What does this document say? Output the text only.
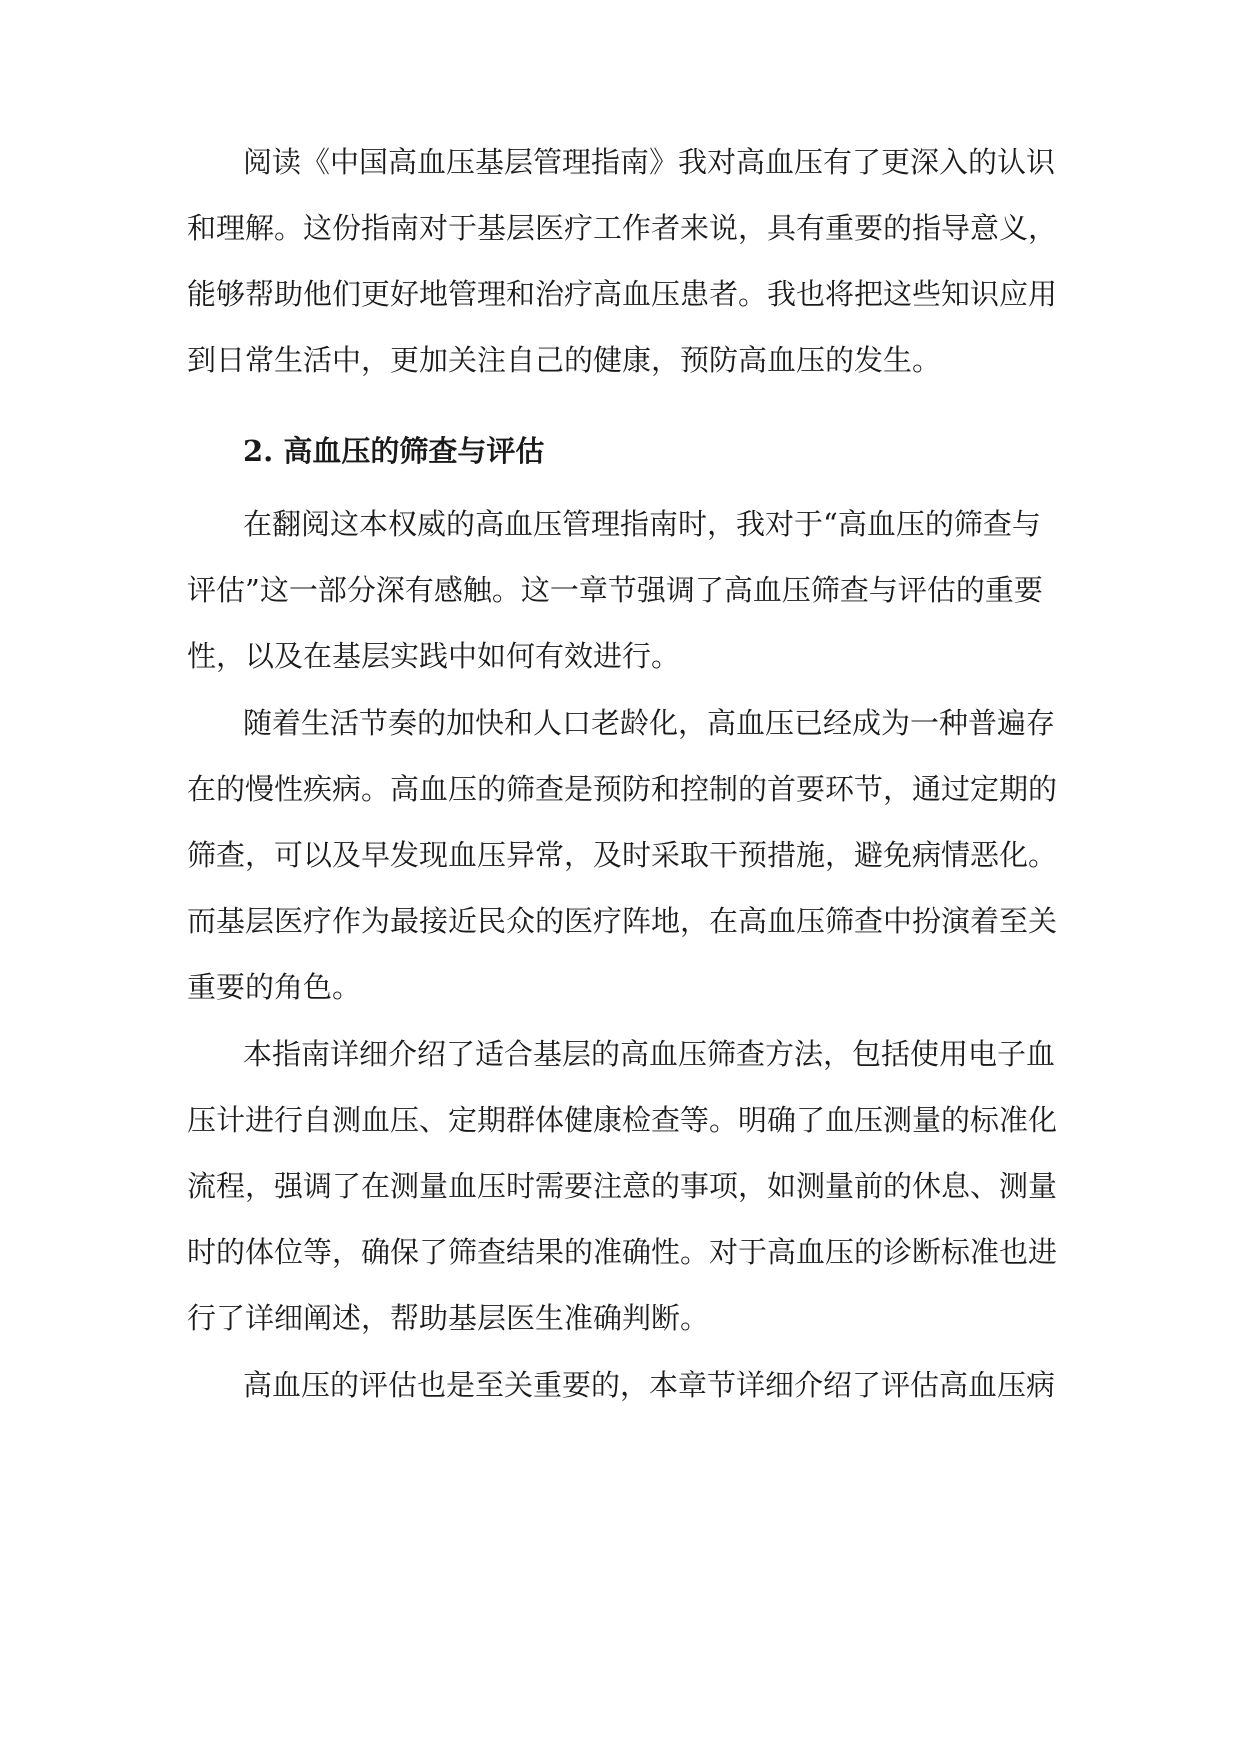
阅读《中国高血压基层管理指南》我对高血压有了更深入的认识
和理解。这份指南对于基层医疗工作者来说，具有重要的指导意义，
能够帮助他们更好地管理和治疗高血压患者。我也将把这些知识应用
到日常生活中，更加关注自己的健康，预防高血压的发生。
2. 高血压的筛查与评估
在翻阅这本权威的高血压管理指南时，我对于“高血压的筛查与
评估”这一部分深有感触。这一章节强调了高血压筛查与评估的重要
性，以及在基层实践中如何有效进行。
随着生活节奏的加快和人口老龄化，高血压已经成为一种普遍存
在的慢性疾病。高血压的筛查是预防和控制的首要环节，通过定期的
筛查，可以及早发现血压异常，及时采取干预措施，避免病情恶化。
而基层医疗作为最接近民众的医疗阵地，在高血压筛查中扮演着至关
重要的角色。
本指南详细介绍了适合基层的高血压筛查方法，包括使用电子血
压计进行自测血压、定期群体健康检查等。明确了血压测量的标准化
流程，强调了在测量血压时需要注意的事项，如测量前的休息、测量
时的体位等，确保了筛查结果的准确性。对于高血压的诊断标准也进
行了详细阐述，帮助基层医生准确判断。
高血压的评估也是至关重要的，本章节详细介绍了评估高血压病
